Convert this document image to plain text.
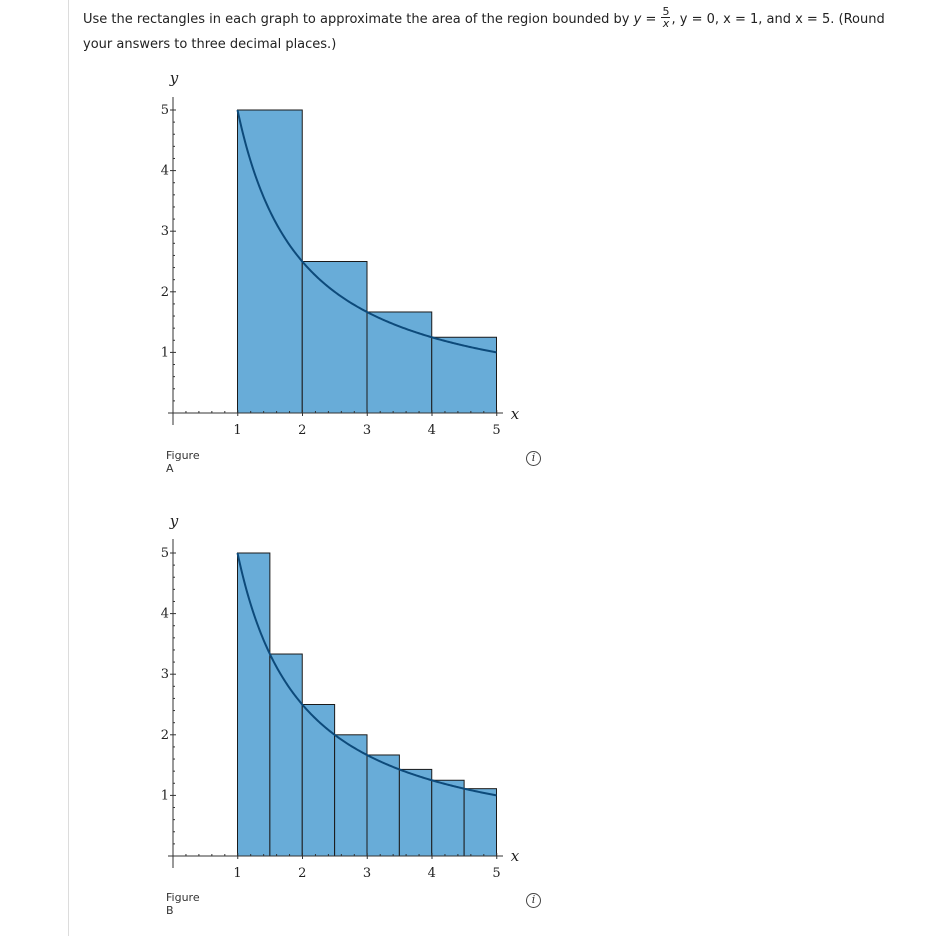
Use the rectangles in each graph to approximate the area of the region bounded by $y = \frac{5}{x}$ , y = 0, x = 1, and x = 5. (Round
your answers to three decimal places.)
1	2	3	4	5
1
2
3
4
5
x
y
Figure A
i
1	2	3	4	5
1
2
3
4
5
x
y
Figure B
i
